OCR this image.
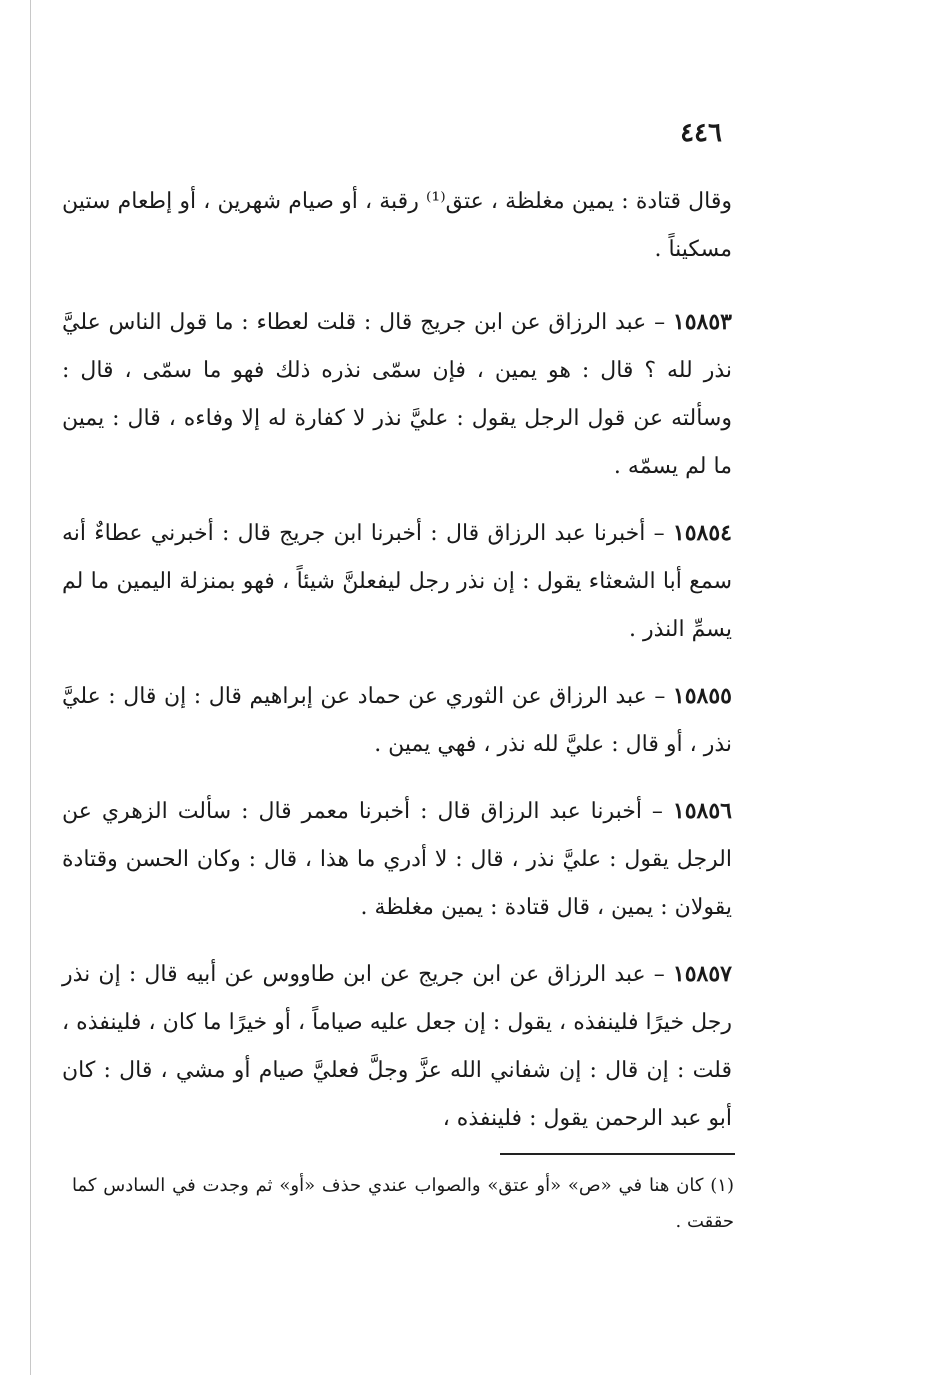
٤٤٦

وقال قتادة : يمين مغلظة ، عتق⁽¹⁾ رقبة ، أو صيام شهرين ، أو إطعام ستين مسكيناً .

١٥٨٥٣ – عبد الرزاق عن ابن جريج قال : قلت لعطاء : ما قول الناس عليَّ نذر لله ؟ قال : هو يمين ، فإن سمّى نذره ذلك فهو ما سمّى ، قال : وسألته عن قول الرجل يقول : عليَّ نذر لا كفارة له إلا وفاءه ، قال : يمين ما لم يسمّه .

١٥٨٥٤ – أخبرنا عبد الرزاق قال : أخبرنا ابن جريج قال : أخبرني عطاءٌ أنه سمع أبا الشعثاء يقول : إن نذر رجل ليفعلنَّ شيئاً ، فهو بمنزلة اليمين ما لم يسمِّ النذر .

١٥٨٥٥ – عبد الرزاق عن الثوري عن حماد عن إبراهيم قال : إن قال : عليَّ نذر ، أو قال : عليَّ لله نذر ، فهي يمين .

١٥٨٥٦ – أخبرنا عبد الرزاق قال : أخبرنا معمر قال : سألت الزهري عن الرجل يقول : عليَّ نذر ، قال : لا أدري ما هذا ، قال : وكان الحسن وقتادة يقولان : يمين ، قال قتادة : يمين مغلظة .

١٥٨٥٧ – عبد الرزاق عن ابن جريج عن ابن طاووس عن أبيه قال : إن نذر رجل خيرًا فلينفذه ، يقول : إن جعل عليه صياماً ، أو خيرًا ما كان ، فلينفذه ، قلت : إن قال : إن شفاني الله عزَّ وجلَّ فعليَّ صيام أو مشي ، قال : كان أبو عبد الرحمن يقول : فلينفذه ،

(١) كان هنا في «ص» «أو عتق» والصواب عندي حذف «أو» ثم وجدت في السادس كما حققت .
